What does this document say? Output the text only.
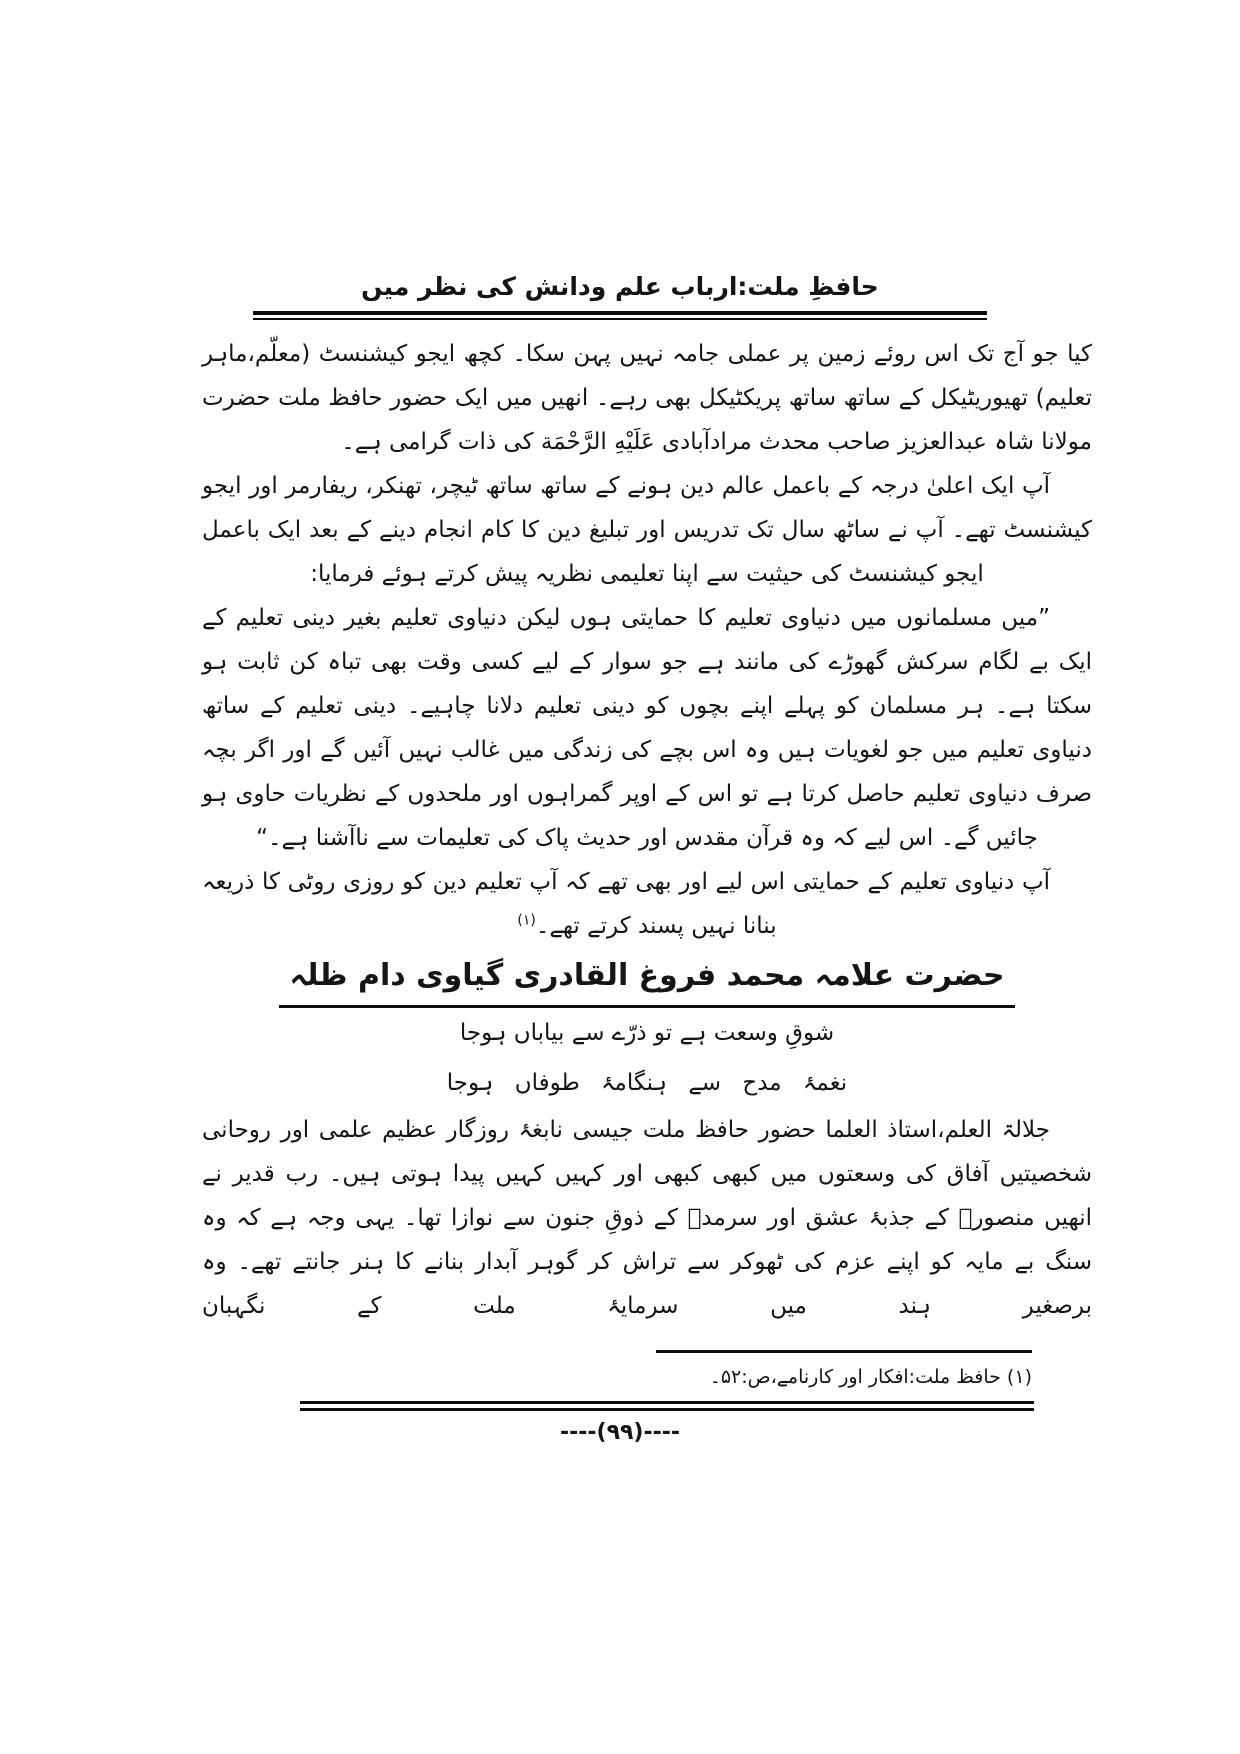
حافظِ ملت:ارباب علم ودانش کی نظر میں

کیا جو آج تک اس روئے زمین پر عملی جامہ نہیں پہن سکا۔ کچھ ایجو کیشنسٹ (معلّم،ماہر تعلیم) تھیوریٹیکل کے ساتھ ساتھ پریکٹیکل بھی رہے۔ انھیں میں ایک حضور حافظ ملت حضرت مولانا شاہ عبدالعزیز صاحب محدث مرادآبادی عَلَيْهِ الرَّحْمَة کی ذات گرامی ہے۔

آپ ایک اعلیٰ درجہ کے باعمل عالم دین ہونے کے ساتھ ساتھ ٹیچر، تھنکر، ریفارمر اور ایجو کیشنسٹ تھے۔ آپ نے ساٹھ سال تک تدریس اور تبلیغ دین کا کام انجام دینے کے بعد ایک باعمل ایجو کیشنسٹ کی حیثیت سے اپنا تعلیمی نظریہ پیش کرتے ہوئے فرمایا:

”میں مسلمانوں میں دنیاوی تعلیم کا حمایتی ہوں لیکن دنیاوی تعلیم بغیر دینی تعلیم کے ایک بے لگام سرکش گھوڑے کی مانند ہے جو سوار کے لیے کسی وقت بھی تباہ کن ثابت ہو سکتا ہے۔ ہر مسلمان کو پہلے اپنے بچوں کو دینی تعلیم دلانا چاہیے۔ دینی تعلیم کے ساتھ دنیاوی تعلیم میں جو لغویات ہیں وہ اس بچے کی زندگی میں غالب نہیں آئیں گے اور اگر بچہ صرف دنیاوی تعلیم حاصل کرتا ہے تو اس کے اوپر گمراہوں اور ملحدوں کے نظریات حاوی ہو جائیں گے۔ اس لیے کہ وہ قرآن مقدس اور حدیث پاک کی تعلیمات سے ناآشنا ہے۔“

آپ دنیاوی تعلیم کے حمایتی اس لیے اور بھی تھے کہ آپ تعلیم دین کو روزی روٹی کا ذریعہ بنانا نہیں پسند کرتے تھے۔$^{(۱)}$

حضرت علامہ محمد فروغ القادری گیاوی دام ظلہ

شوقِ وسعت ہے تو ذرّے سے بیاباں ہوجا

نغمۂ مدح سے ہنگامۂ طوفاں ہوجا

جلالۃ العلم،استاذ العلما حضور حافظ ملت جیسی نابغۂ روزگار عظیم علمی اور روحانی شخصیتیں آفاق کی وسعتوں میں کبھی کبھی اور کہیں کہیں پیدا ہوتی ہیں۔ رب قدیر نے انھیں منصورؔ کے جذبۂ عشق اور سرمدؔ کے ذوقِ جنون سے نوازا تھا۔ یہی وجہ ہے کہ وہ سنگ بے مایہ کو اپنے عزم کی ٹھوکر سے تراش کر گوہر آبدار بنانے کا ہنر جانتے تھے۔ وہ برصغیر ہند میں سرمایۂ ملت کے نگہبان

(۱) حافظ ملت:افکار اور کارنامے،ص:۵۲۔
----(۹۹)----
